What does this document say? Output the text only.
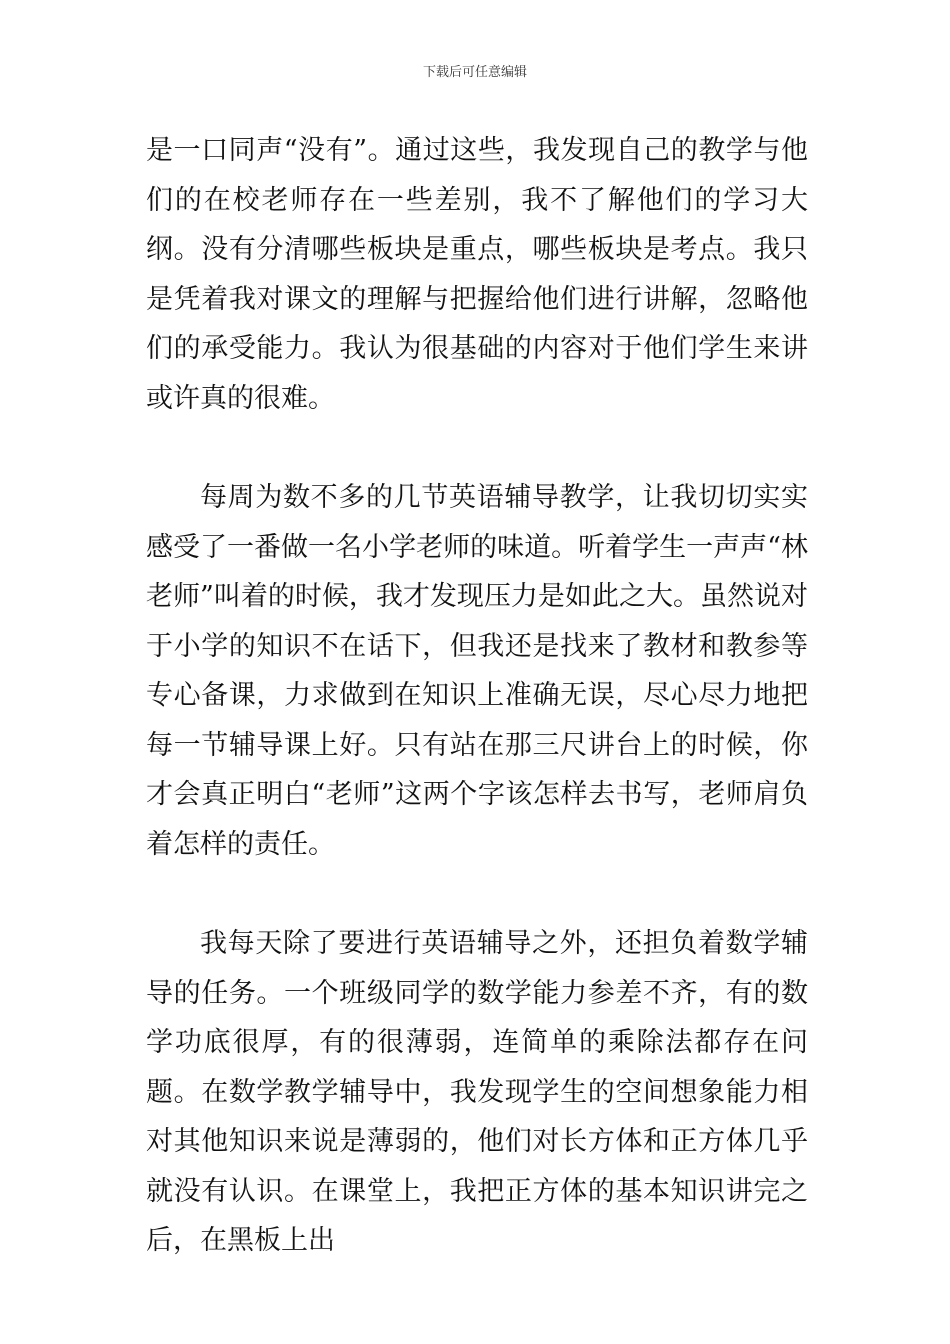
下载后可任意编辑

是一口同声“没有”。通过这些，我发现自己的教学与他们的在校老师存在一些差别，我不了解他们的学习大纲。没有分清哪些板块是重点，哪些板块是考点。我只是凭着我对课文的理解与把握给他们进行讲解，忽略他们的承受能力。我认为很基础的内容对于他们学生来讲或许真的很难。

每周为数不多的几节英语辅导教学，让我切切实实感受了一番做一名小学老师的味道。听着学生一声声“林老师”叫着的时候，我才发现压力是如此之大。虽然说对于小学的知识不在话下，但我还是找来了教材和教参等专心备课，力求做到在知识上准确无误，尽心尽力地把每一节辅导课上好。只有站在那三尺讲台上的时候，你才会真正明白“老师”这两个字该怎样去书写，老师肩负着怎样的责任。

我每天除了要进行英语辅导之外，还担负着数学辅导的任务。一个班级同学的数学能力参差不齐，有的数学功底很厚，有的很薄弱，连简单的乘除法都存在问题。在数学教学辅导中，我发现学生的空间想象能力相对其他知识来说是薄弱的，他们对长方体和正方体几乎就没有认识。在课堂上，我把正方体的基本知识讲完之后，在黑板上出
